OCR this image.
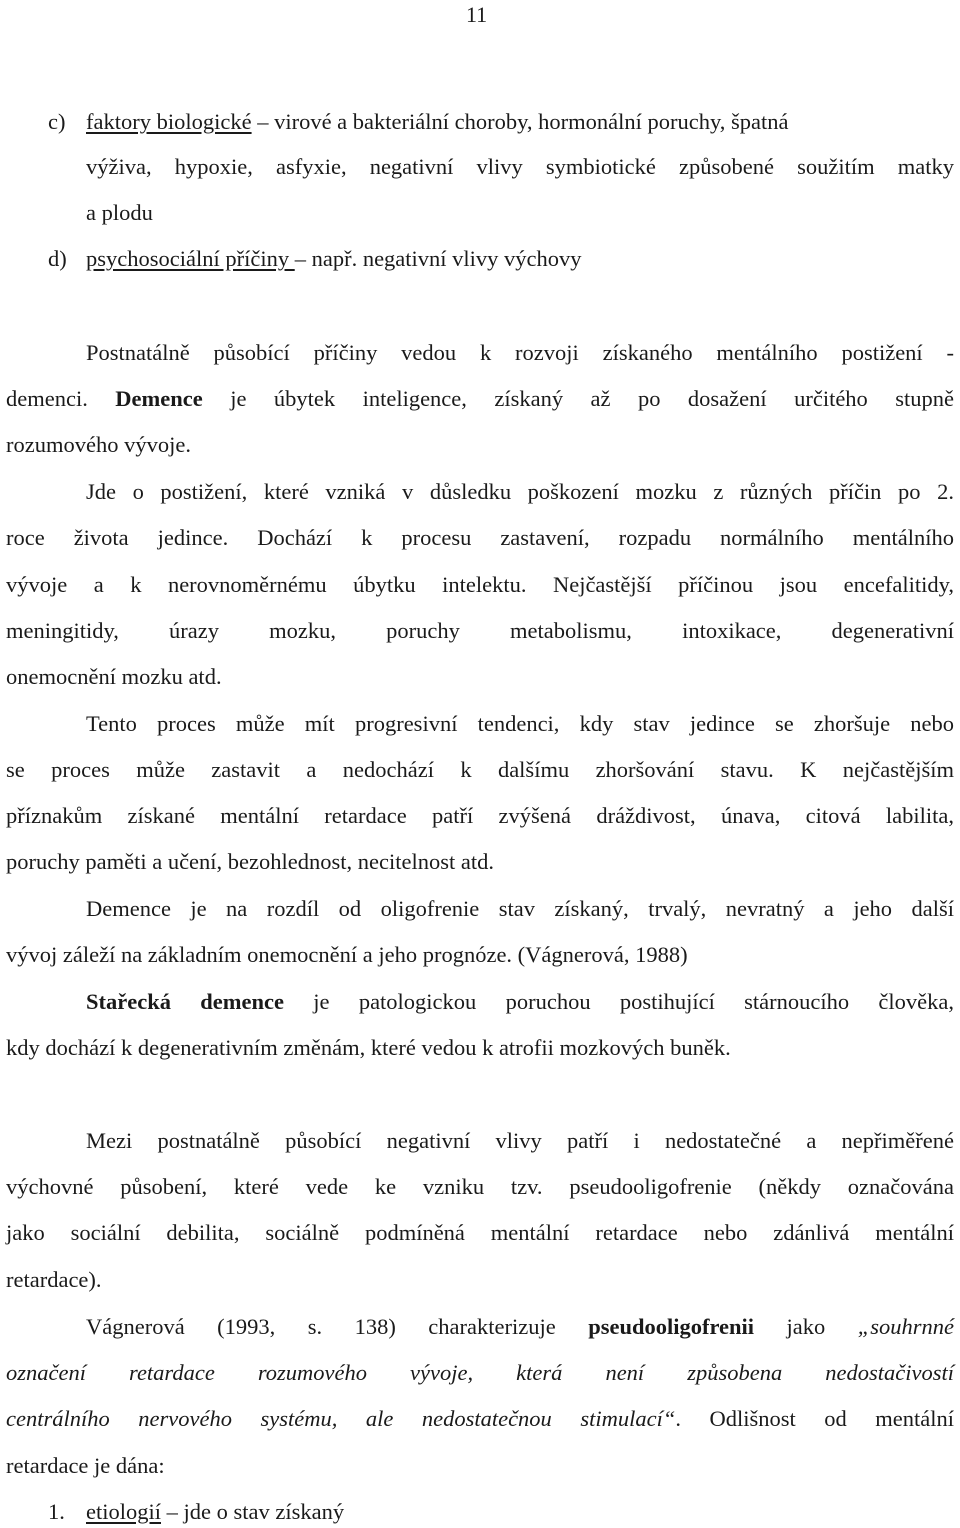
11
c) faktory biologické – virové a bakteriální choroby, hormonální poruchy, špatná
výživa, hypoxie, asfyxie, negativní vlivy symbiotické způsobené soužitím matky
a plodu
d) psychosociální příčiny – např. negativní vlivy výchovy
Postnatálně působící příčiny vedou k rozvoji získaného mentálního postižení -
demenci. Demence je úbytek inteligence, získaný až po dosažení určitého stupně
rozumového vývoje.
Jde o postižení, které vzniká v důsledku poškození mozku z různých příčin po 2.
roce života jedince. Dochází k procesu zastavení, rozpadu normálního mentálního
vývoje a k nerovnoměrnému úbytku intelektu. Nejčastější příčinou jsou encefalitidy,
meningitidy, úrazy mozku, poruchy metabolismu, intoxikace, degenerativní
onemocnění mozku atd.
Tento proces může mít progresivní tendenci, kdy stav jedince se zhoršuje nebo
se proces může zastavit a nedochází k dalšímu zhoršování stavu. K nejčastějším
příznakům získané mentální retardace patří zvýšená dráždivost, únava, citová labilita,
poruchy paměti a učení, bezohlednost, necitelnost atd.
Demence je na rozdíl od oligofrenie stav získaný, trvalý, nevratný a jeho další
vývoj záleží na základním onemocnění a jeho prognóze. (Vágnerová, 1988)
Stařecká demence je patologickou poruchou postihující stárnoucího člověka,
kdy dochází k degenerativním změnám, které vedou k atrofii mozkových buněk.
Mezi postnatálně působící negativní vlivy patří i nedostatečné a nepřiměřené
výchovné působení, které vede ke vzniku tzv. pseudooligofrenie (někdy označována
jako sociální debilita, sociálně podmíněná mentální retardace nebo zdánlivá mentální
retardace).
Vágnerová (1993, s. 138) charakterizuje pseudooligofrenii jako „souhrnné
označení retardace rozumového vývoje, která není způsobena nedostačivostí
centrálního nervového systému, ale nedostatečnou stimulací“. Odlišnost od mentální
retardace je dána:
1. etiologií – jde o stav získaný
